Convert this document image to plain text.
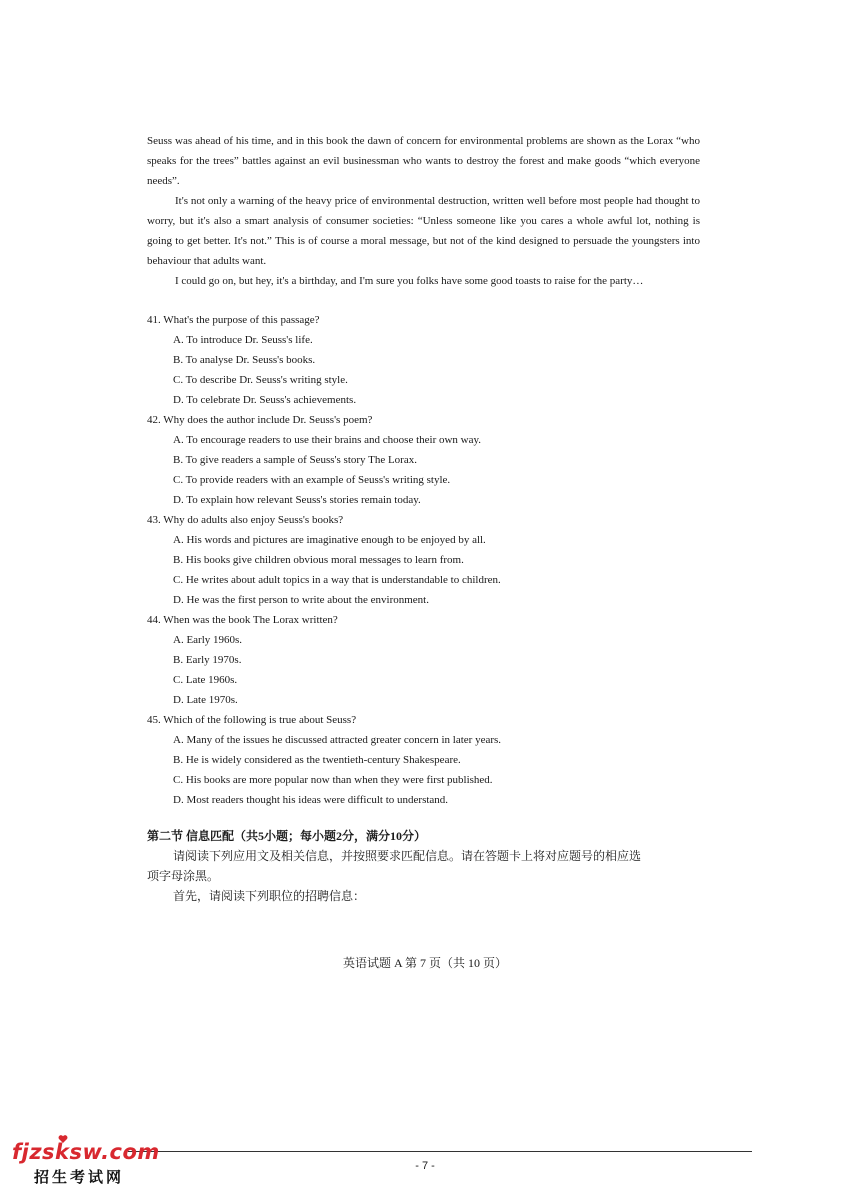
Seuss was ahead of his time, and in this book the dawn of concern for environmental problems are shown as the Lorax “who speaks for the trees” battles against an evil businessman who wants to destroy the forest and make goods “which everyone needs”.

It's not only a warning of the heavy price of environmental destruction, written well before most people had thought to worry, but it's also a smart analysis of consumer societies: “Unless someone like you cares a whole awful lot, nothing is going to get better. It's not.” This is of course a moral message, but not of the kind designed to persuade the youngsters into behaviour that adults want.

I could go on, but hey, it's a birthday, and I'm sure you folks have some good toasts to raise for the party…

41. What's the purpose of this passage?

A. To introduce Dr. Seuss's life.

B. To analyse Dr. Seuss's books.

C. To describe Dr. Seuss's writing style.

D. To celebrate Dr. Seuss's achievements.

42. Why does the author include Dr. Seuss's poem?

A. To encourage readers to use their brains and choose their own way.

B. To give readers a sample of Seuss's story The Lorax.

C. To provide readers with an example of Seuss's writing style.

D. To explain how relevant Seuss's stories remain today.

43. Why do adults also enjoy Seuss's books?

A. His words and pictures are imaginative enough to be enjoyed by all.

B. His books give children obvious moral messages to learn from.

C. He writes about adult topics in a way that is understandable to children.

D. He was the first person to write about the environment.

44. When was the book The Lorax written?

A. Early 1960s.

B. Early 1970s.

C. Late 1960s.

D. Late 1970s.

45. Which of the following is true about Seuss?

A. Many of the issues he discussed attracted greater concern in later years.

B. He is widely considered as the twentieth-century Shakespeare.

C. His books are more popular now than when they were first published.

D. Most readers thought his ideas were difficult to understand.

第二节 信息匹配（共5小题；每小题2分，满分10分）

请阅读下列应用文及相关信息，并按照要求匹配信息。请在答题卡上将对应题号的相应选

项字母涂黑。

首先，请阅读下列职位的招聘信息：

英语试题 A 第 7 页（共 10 页）
- 7 -
fjzsksw.com
招生考试网
